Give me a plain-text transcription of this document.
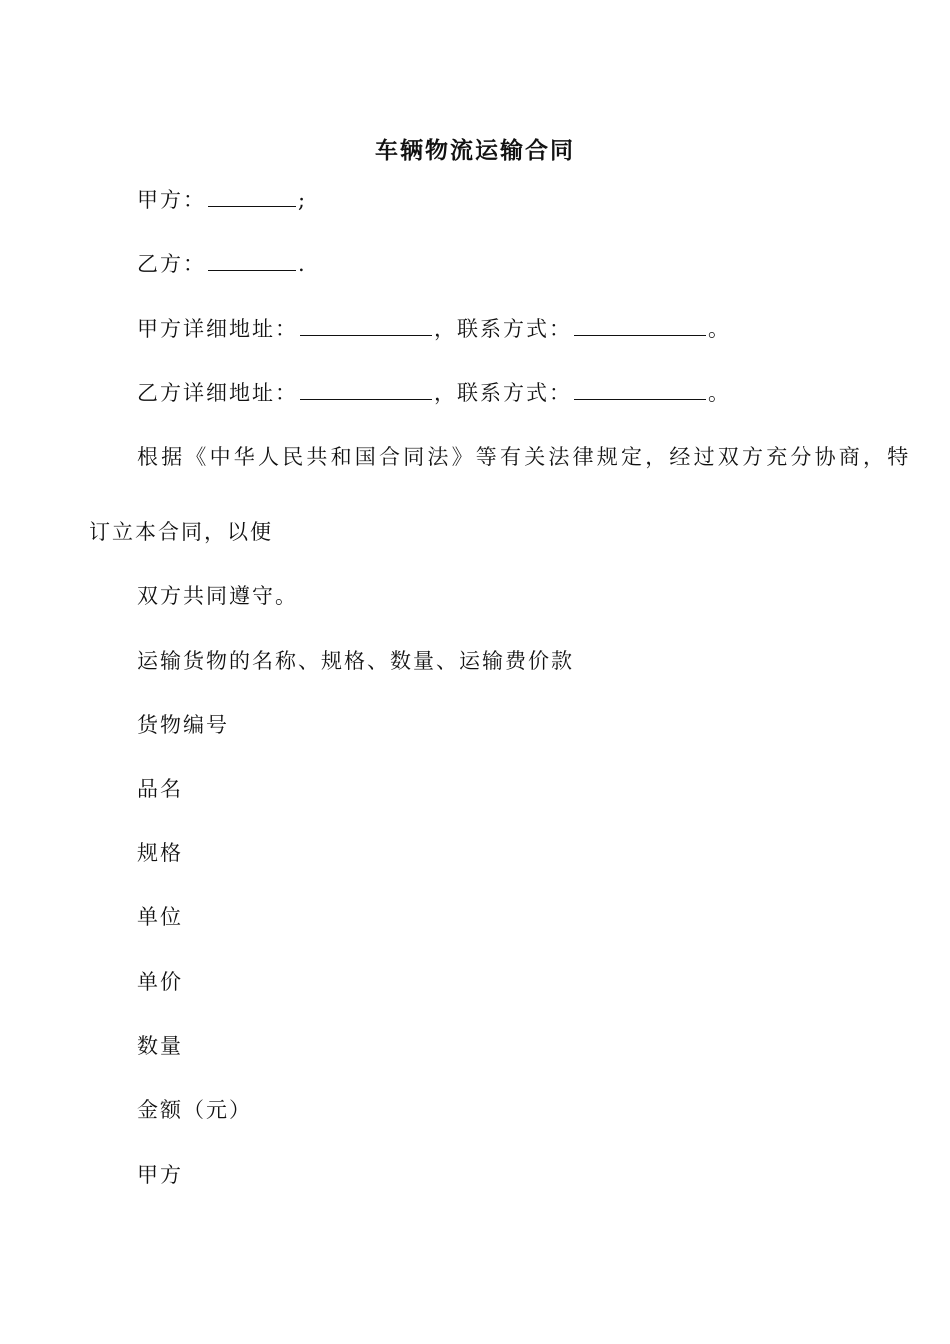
车辆物流运输合同
甲方：	;
乙方：	.
甲方详细地址：	，联系方式：	。
乙方详细地址：	，联系方式：	。
根据《中华人民共和国合同法》等有关法律规定，经过双方充分协商，特
订立本合同，以便
双方共同遵守。
运输货物的名称、规格、数量、运输费价款
货物编号
品名
规格
单位
单价
数量
金额（元）
甲方
